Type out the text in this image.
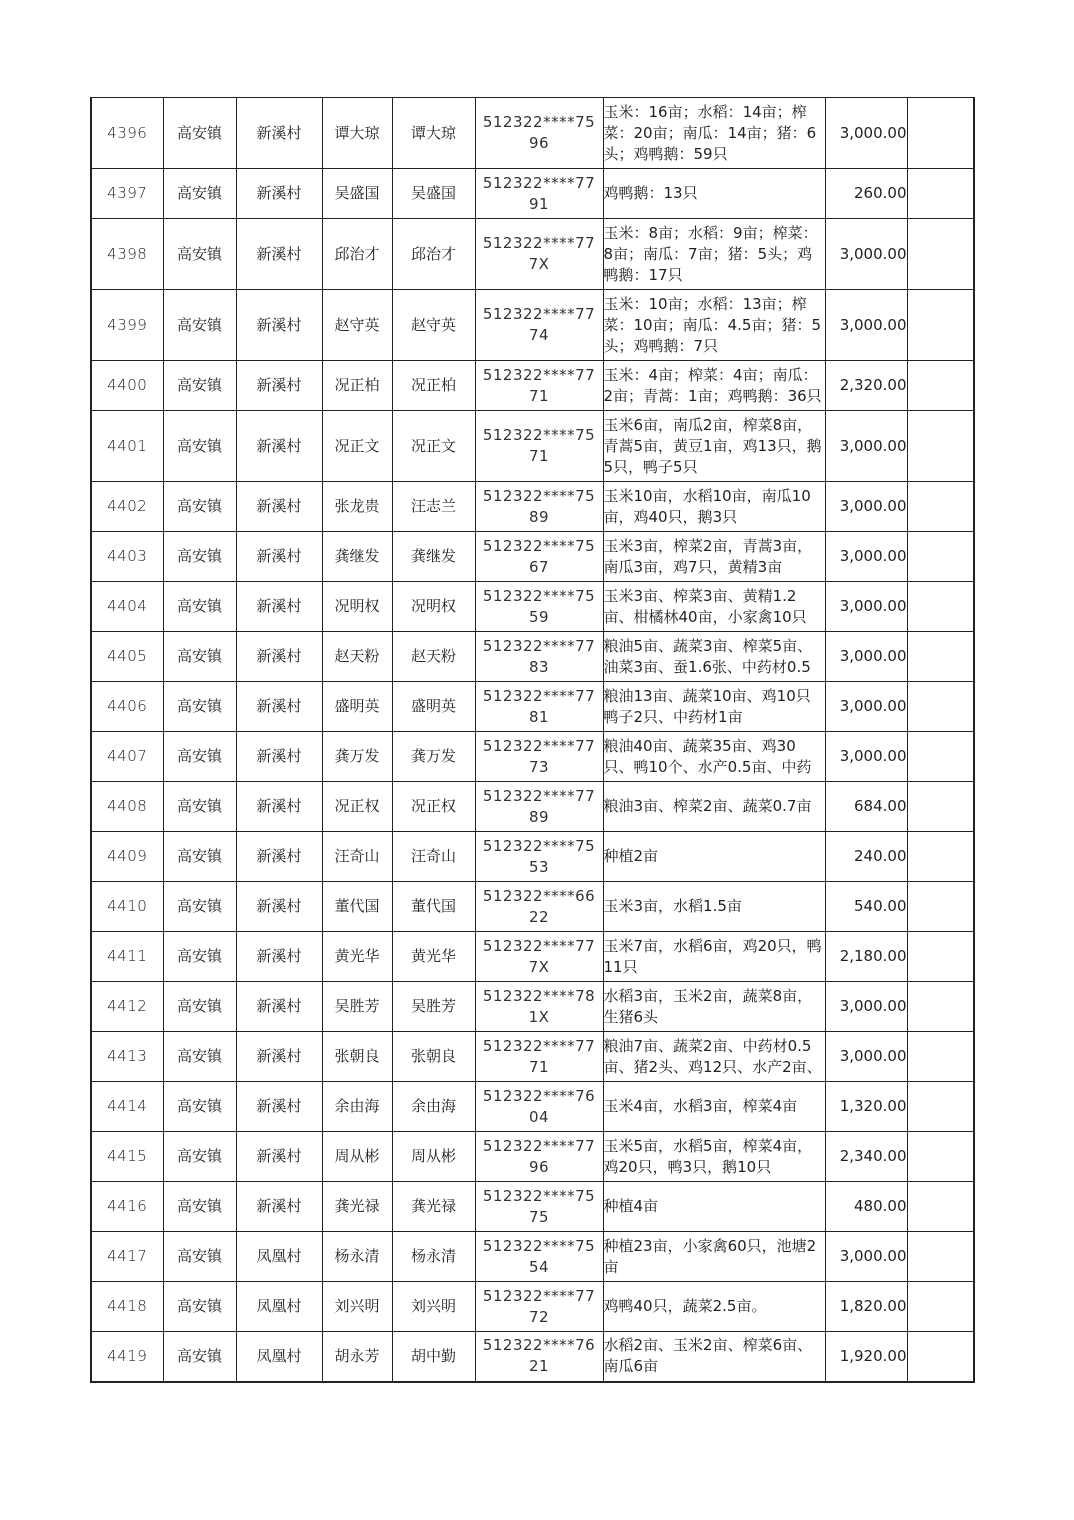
4396	高安镇	新溪村	谭大琼	谭大琼	512322****7596	玉米：16亩；水稻：14亩；榨菜：20亩；南瓜：14亩；猪：6头；鸡鸭鹅：59只	3,000.00	
4397	高安镇	新溪村	吴盛国	吴盛国	512322****7791	鸡鸭鹅：13只	260.00	
4398	高安镇	新溪村	邱治才	邱治才	512322****777X	玉米：8亩；水稻：9亩；榨菜：8亩；南瓜：7亩；猪：5头；鸡鸭鹅：17只	3,000.00	
4399	高安镇	新溪村	赵守英	赵守英	512322****7774	玉米：10亩；水稻：13亩；榨菜：10亩；南瓜：4.5亩；猪：5头；鸡鸭鹅：7只	3,000.00	
4400	高安镇	新溪村	况正柏	况正柏	512322****7771	玉米：4亩；榨菜：4亩；南瓜：2亩；青蒿：1亩；鸡鸭鹅：36只	2,320.00	
4401	高安镇	新溪村	况正文	况正文	512322****7571	玉米6亩，南瓜2亩，榨菜8亩，青蒿5亩，黄豆1亩，鸡13只，鹅5只，鸭子5只	3,000.00	
4402	高安镇	新溪村	张龙贵	汪志兰	512322****7589	玉米10亩，水稻10亩，南瓜10亩，鸡40只，鹅3只	3,000.00	
4403	高安镇	新溪村	龚继发	龚继发	512322****7567	玉米3亩，榨菜2亩，青蒿3亩，南瓜3亩，鸡7只，黄精3亩	3,000.00	
4404	高安镇	新溪村	况明权	况明权	512322****7559	玉米3亩、榨菜3亩、黄精1.2亩、柑橘林40亩，小家禽10只	3,000.00	
4405	高安镇	新溪村	赵天粉	赵天粉	512322****7783	粮油5亩、蔬菜3亩、榨菜5亩、油菜3亩、蚕1.6张、中药材0.5	3,000.00	
4406	高安镇	新溪村	盛明英	盛明英	512322****7781	粮油13亩、蔬菜10亩、鸡10只鸭子2只、中药材1亩	3,000.00	
4407	高安镇	新溪村	龚万发	龚万发	512322****7773	粮油40亩、蔬菜35亩、鸡30只、鸭10个、水产0.5亩、中药	3,000.00	
4408	高安镇	新溪村	况正权	况正权	512322****7789	粮油3亩、榨菜2亩、蔬菜0.7亩	684.00	
4409	高安镇	新溪村	汪奇山	汪奇山	512322****7553	种植2亩	240.00	
4410	高安镇	新溪村	董代国	董代国	512322****6622	玉米3亩，水稻1.5亩	540.00	
4411	高安镇	新溪村	黄光华	黄光华	512322****777X	玉米7亩，水稻6亩，鸡20只，鸭11只	2,180.00	
4412	高安镇	新溪村	吴胜芳	吴胜芳	512322****781X	水稻3亩，玉米2亩，蔬菜8亩，生猪6头	3,000.00	
4413	高安镇	新溪村	张朝良	张朝良	512322****7771	粮油7亩、蔬菜2亩、中药材0.5亩、猪2头、鸡12只、水产2亩、	3,000.00	
4414	高安镇	新溪村	余由海	余由海	512322****7604	玉米4亩，水稻3亩，榨菜4亩	1,320.00	
4415	高安镇	新溪村	周从彬	周从彬	512322****7796	玉米5亩，水稻5亩，榨菜4亩，鸡20只，鸭3只，鹅10只	2,340.00	
4416	高安镇	新溪村	龚光禄	龚光禄	512322****7575	种植4亩	480.00	
4417	高安镇	凤凰村	杨永清	杨永清	512322****7554	种植23亩，小家禽60只，池塘2亩	3,000.00	
4418	高安镇	凤凰村	刘兴明	刘兴明	512322****7772	鸡鸭40只，蔬菜2.5亩。	1,820.00	
4419	高安镇	凤凰村	胡永芳	胡中勤	512322****7621	水稻2亩、玉米2亩、榨菜6亩、南瓜6亩	1,920.00	
